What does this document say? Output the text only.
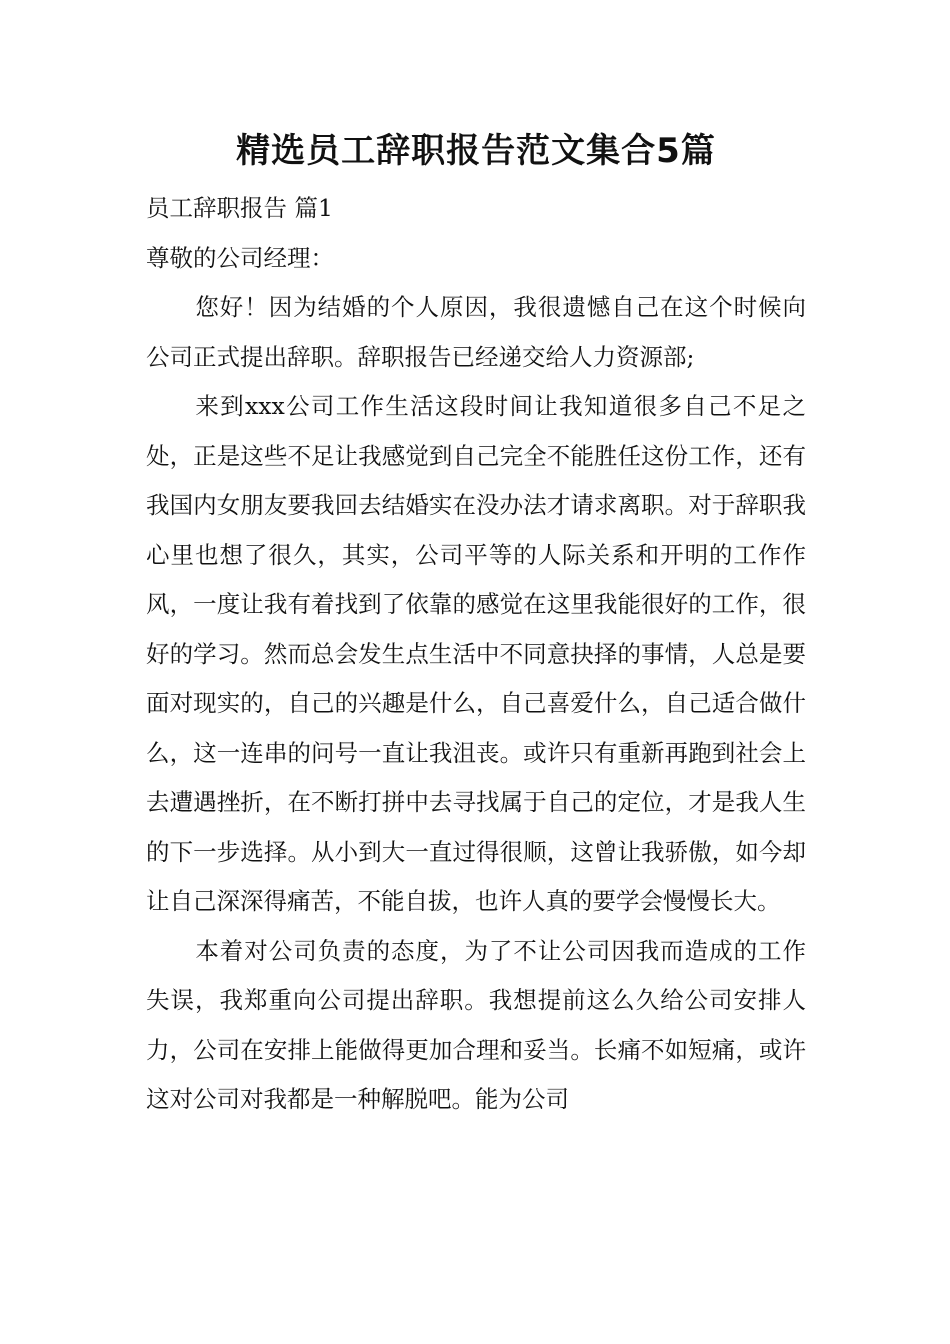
精选员工辞职报告范文集合5篇

员工辞职报告 篇1

尊敬的公司经理：

您好！因为结婚的个人原因，我很遗憾自己在这个时候向公司正式提出辞职。辞职报告已经递交给人力资源部;

来到xxx公司工作生活这段时间让我知道很多自己不足之处，正是这些不足让我感觉到自己完全不能胜任这份工作，还有我国内女朋友要我回去结婚实在没办法才请求离职。对于辞职我心里也想了很久，其实，公司平等的人际关系和开明的工作作风，一度让我有着找到了依靠的感觉在这里我能很好的工作，很好的学习。然而总会发生点生活中不同意抉择的事情，人总是要面对现实的，自己的兴趣是什么，自己喜爱什么，自己适合做什么，这一连串的问号一直让我沮丧。或许只有重新再跑到社会上去遭遇挫折，在不断打拼中去寻找属于自己的定位，才是我人生的下一步选择。从小到大一直过得很顺，这曾让我骄傲，如今却让自己深深得痛苦，不能自拔，也许人真的要学会慢慢长大。

本着对公司负责的态度，为了不让公司因我而造成的工作失误，我郑重向公司提出辞职。我想提前这么久给公司安排人力，公司在安排上能做得更加合理和妥当。长痛不如短痛，或许这对公司对我都是一种解脱吧。能为公司
